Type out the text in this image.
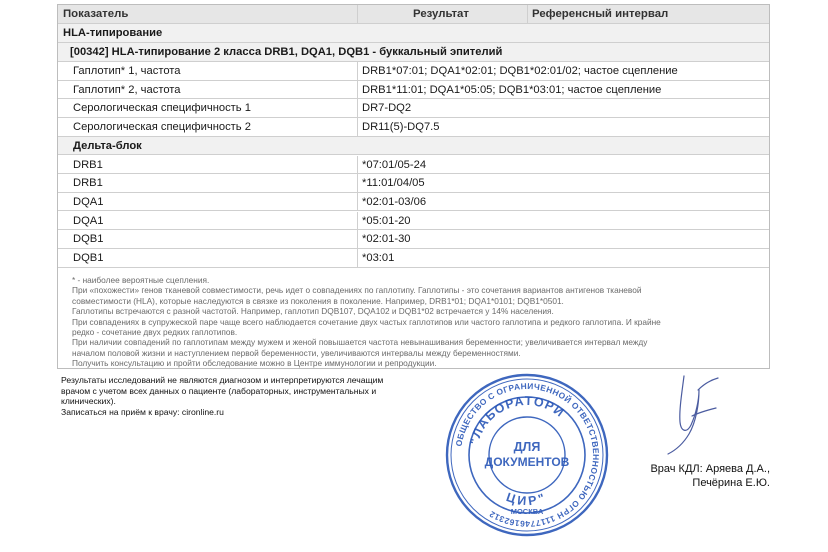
Показатель	Результат	Референсный интервал
HLA-типирование
[00342] HLA-типирование 2 класса DRB1, DQA1, DQB1 - буккальный эпителий
Гаплотип* 1, частота	DRB1*07:01; DQA1*02:01; DQB1*02:01/02; частое сцепление
Гаплотип* 2, частота	DRB1*11:01; DQA1*05:05; DQB1*03:01; частое сцепление
Серологическая специфичность 1	DR7-DQ2
Серологическая специфичность 2	DR11(5)-DQ7.5
Дельта-блок
DRB1	*07:01/05-24
DRB1	*11:01/04/05
DQA1	*02:01-03/06
DQA1	*05:01-20
DQB1	*02:01-30
DQB1	*03:01
* - наиболее вероятные сцепления.
При «похожести» генов тканевой совместимости, речь идет о совпадениях по гаплотипу. Гаплотипы - это сочетания вариантов антигенов тканевой
совместимости (HLA), которые наследуются в связке из поколения в поколение. Например, DRB1*01; DQA1*0101; DQB1*0501.
Гаплотипы встречаются с разной частотой. Например, гаплотип DQB107, DQA102 и DQB1*02 встречается у 14% населения.
При совпадениях в супружеской паре чаще всего наблюдается сочетание двух частых гаплотипов или частого гаплотипа и редкого гаплотипа. И крайне
редко - сочетание двух редких гаплотипов.
При наличии совпадений по гаплотипам между мужем и женой повышается частота невынашивания беременности; увеличивается интервал между
началом половой жизни и наступлением первой беременности, увеличиваются интервалы между беременностями.
Получить консультацию и пройти обследование можно в Центре иммунологии и репродукции.
Результаты исследований не являются диагнозом и интерпретируются лечащим
врачом с учетом всех данных о пациенте (лабораторных, инструментальных и
клинических).
Записаться на приём к врачу: cironline.ru
ОБЩЕСТВО С ОГРАНИЧЕННОЙ ОТВЕТСТВЕННОСТЬЮ ОГРН 1117746162312
"ЛАБОРАТОРИ
ЦИР"
МОСКВА
ДЛЯ
ДОКУМЕНТОВ	Врач КДЛ: Аряева Д.А.,
Печёрина Е.Ю.
